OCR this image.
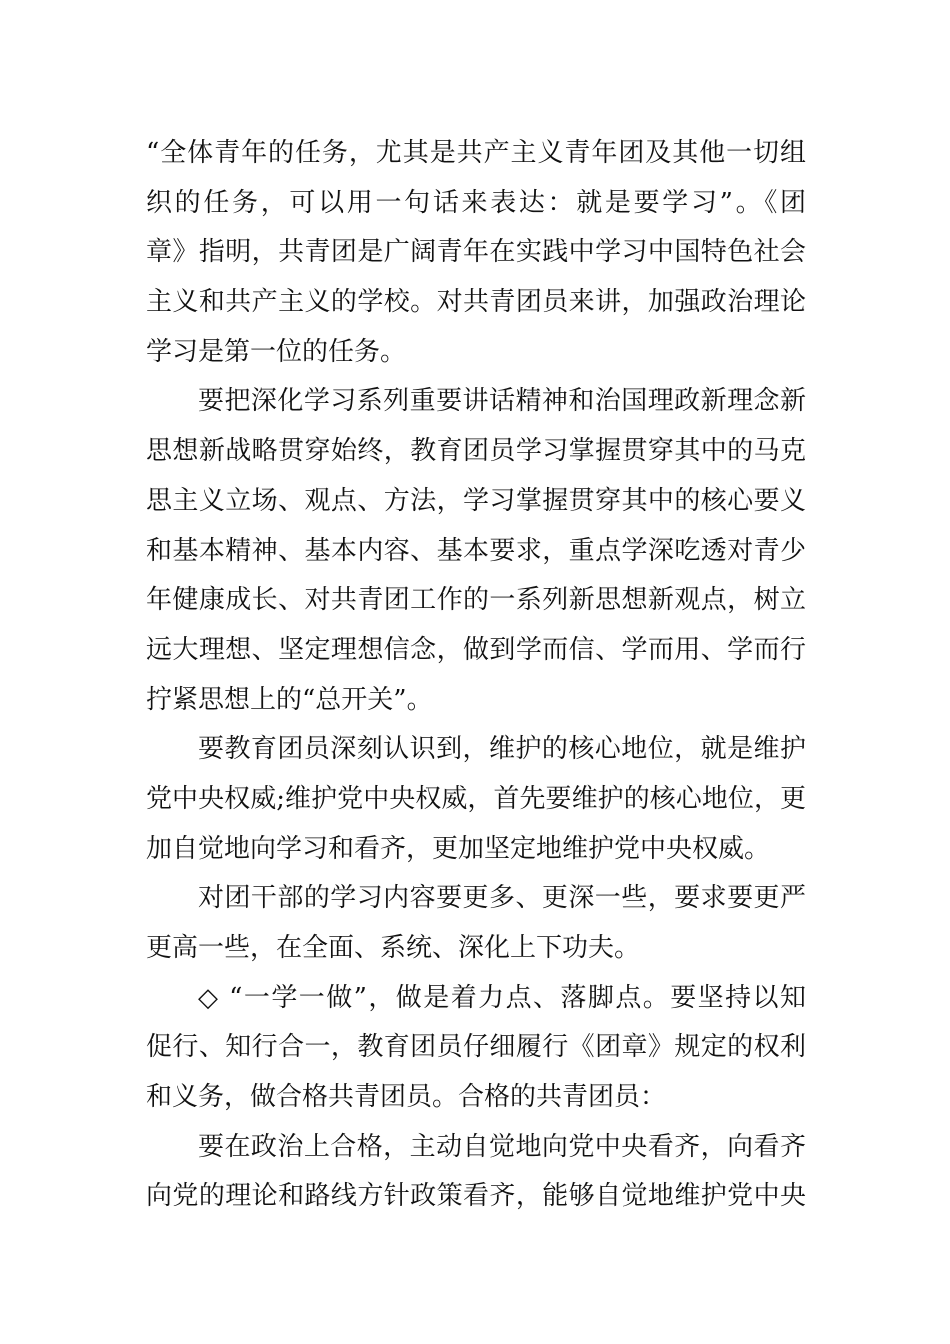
“全体青年的任务，尤其是共产主义青年团及其他一切组
织的任务，可以用一句话来表达：就是要学习”。《团
章》指明，共青团是广阔青年在实践中学习中国特色社会
主义和共产主义的学校。对共青团员来讲，加强政治理论
学习是第一位的任务。
要把深化学习系列重要讲话精神和治国理政新理念新
思想新战略贯穿始终，教育团员学习掌握贯穿其中的马克
思主义立场、观点、方法，学习掌握贯穿其中的核心要义
和基本精神、基本内容、基本要求，重点学深吃透对青少
年健康成长、对共青团工作的一系列新思想新观点，树立
远大理想、坚定理想信念，做到学而信、学而用、学而行
拧紧思想上的“总开关”。
要教育团员深刻认识到，维护的核心地位，就是维护
党中央权威;维护党中央权威，首先要维护的核心地位，更
加自觉地向学习和看齐，更加坚定地维护党中央权威。
对团干部的学习内容要更多、更深一些，要求要更严
更高一些，在全面、系统、深化上下功夫。
◇ “一学一做”，做是着力点、落脚点。要坚持以知
促行、知行合一，教育团员仔细履行《团章》规定的权利
和义务，做合格共青团员。合格的共青团员：
要在政治上合格，主动自觉地向党中央看齐，向看齐
向党的理论和路线方针政策看齐，能够自觉地维护党中央
